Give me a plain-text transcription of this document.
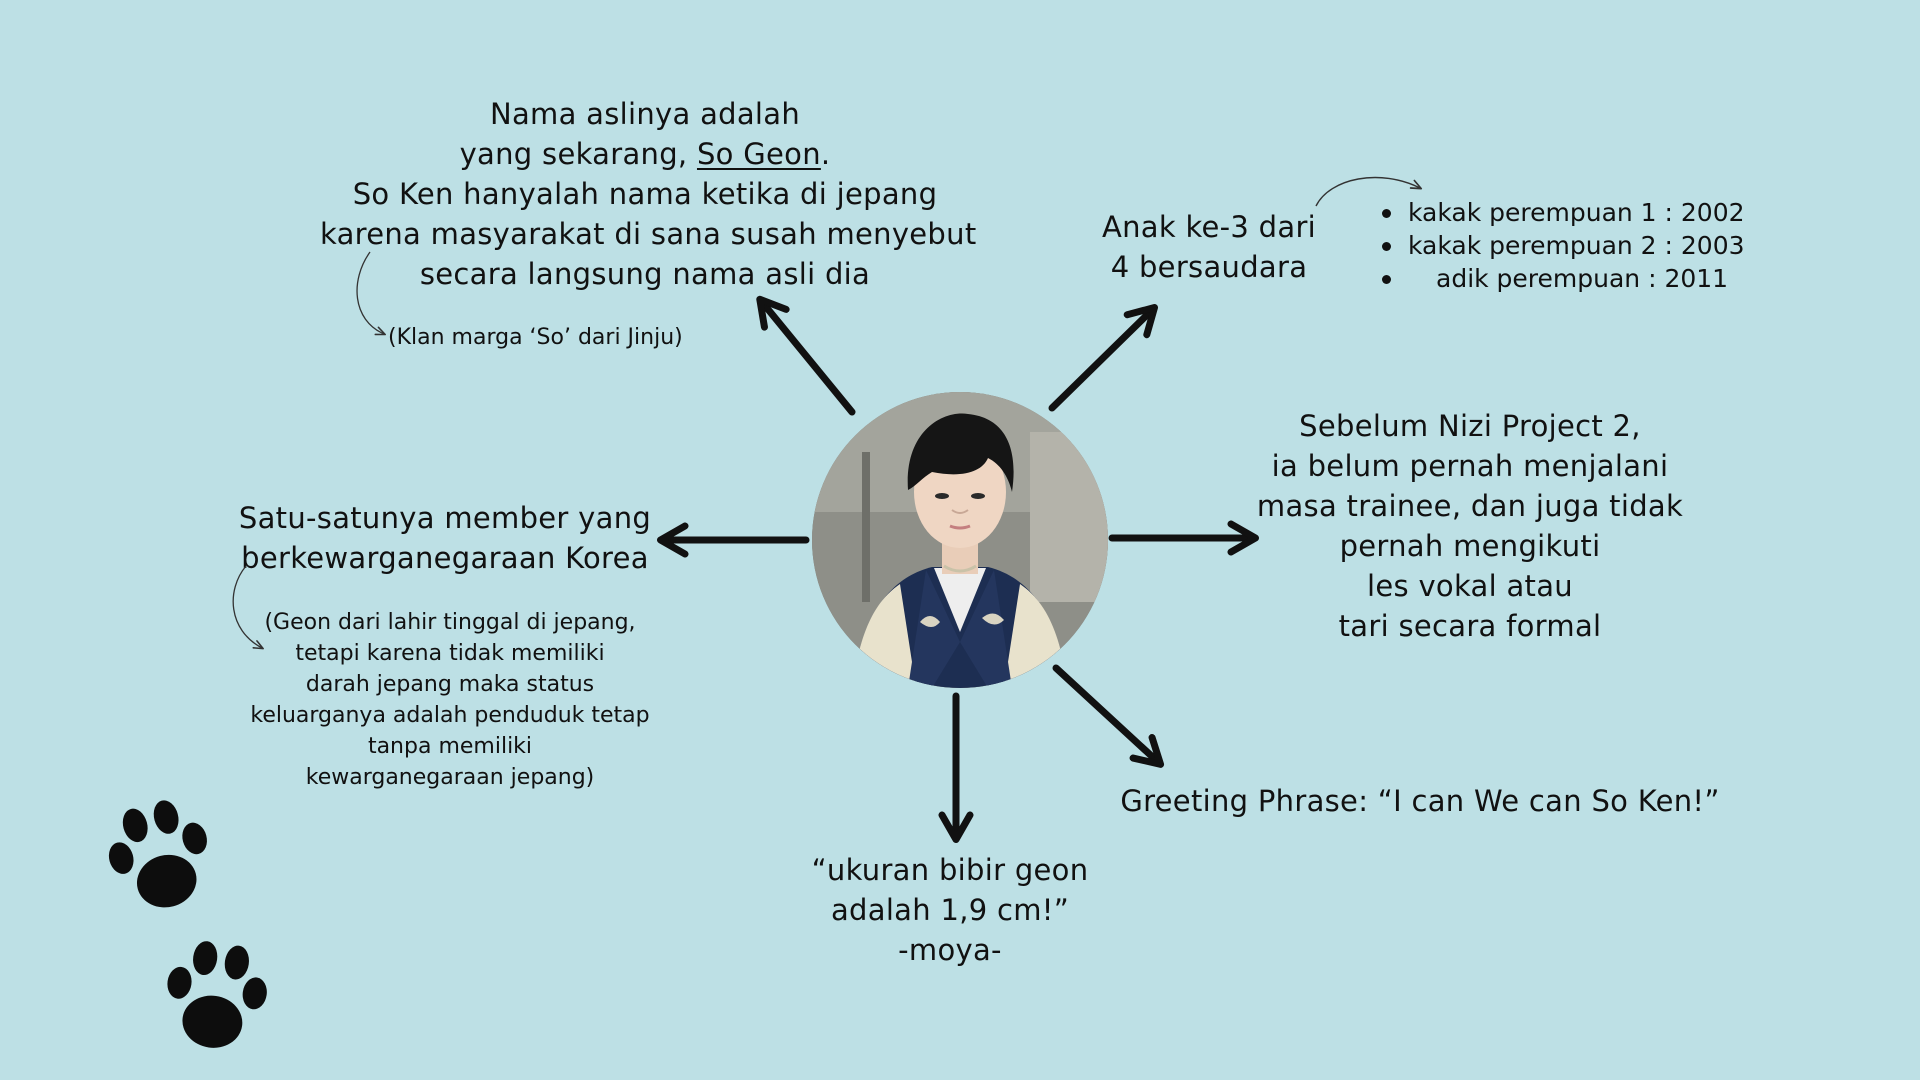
Nama aslinya adalah
yang sekarang, So Geon.
So Ken hanyalah nama ketika di jepang
karena masyarakat di sana susah menyebut
secara langsung nama asli dia
(Klan marga ‘So’ dari Jinju)
Anak ke-3 dari
4 bersaudara
kakak perempuan 1 : 2002
kakak perempuan 2 : 2003
adik perempuan : 2011
Sebelum Nizi Project 2,
ia belum pernah menjalani
masa trainee, dan juga tidak
pernah mengikuti
les vokal atau
tari secara formal
Satu-satunya member yang
berkewarganegaraan Korea
(Geon dari lahir tinggal di jepang,
tetapi karena tidak memiliki
darah jepang maka status
keluarganya adalah penduduk tetap
tanpa memiliki
kewarganegaraan jepang)
Greeting Phrase: “I can We can So Ken!”
“ukuran bibir geon
adalah 1,9 cm!”
-moya-
